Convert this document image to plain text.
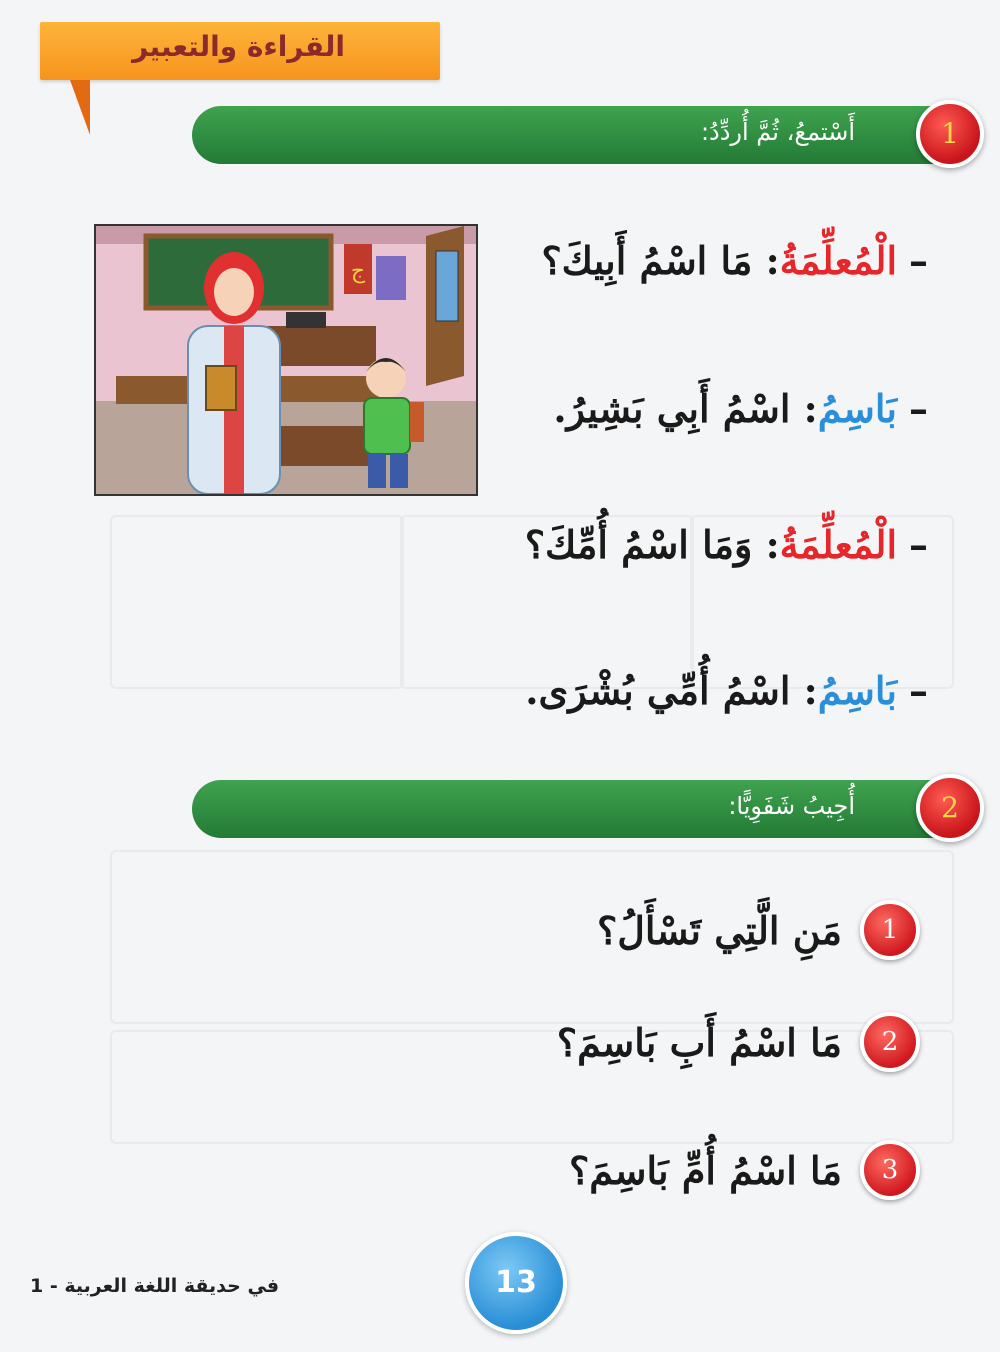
القراءة والتعبير
أَسْتمعُ، ثُمَّ أُردِّدُ:	1
ج	–الْمُعلِّمَةُ: مَا اسْمُ أَبِيكَ؟
–بَاسِمُ: اسْمُ أَبِي بَشِيرُ.
–الْمُعلِّمَةُ: وَمَا اسْمُ أُمِّكَ؟
–بَاسِمُ: اسْمُ أُمِّي بُشْرَى.
أُجِيبُ شَفَوِيًّا:	2
1
مَنِ الَّتِي تَسْأَلُ؟
2
مَا اسْمُ أَبِ بَاسِمَ؟
3
مَا اسْمُ أُمِّ بَاسِمَ؟
13
في حديقة اللغة العربية - 1
